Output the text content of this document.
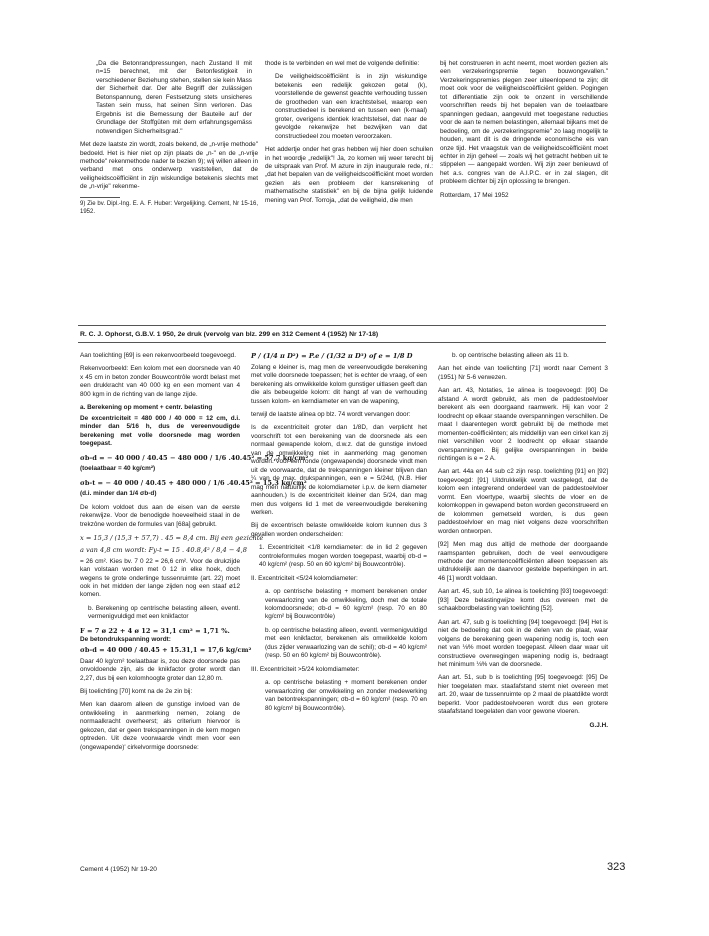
„Da die Betonrandpressungen, nach Zustand II mit n=15 berechnet, mit der Betonfestigkeit in verschiedener Beziehung stehen, stellen sie kein Mass der Sicherheit dar. Der alte Begriff der zulässigen Betonspannung, deren Festsetzung stets unsicheres Tasten sein muss, hat seinen Sinn verloren. Das Ergebnis ist die Bemessung der Bauteile auf der Grundlage der Stoffgüten mit dem erfahrungsgemäss notwendigen Sicherheitsgrad."

Met deze laatste zin wordt, zoals bekend, de „n-vrije methode" bedoeld. Het is hier niet op zijn plaats de „n-" en de „n-vrije methode" rekenmethode nader te bezien 9); wij willen alleen in verband met ons onderwerp vaststellen, dat de veiligheidscoëfficiënt in zijn wiskundige betekenis slechts met de „n-vrije" rekenme-

9) Zie bv. Dipl.-Ing. E. A. F. Huber: Vergelijking. Cement, Nr 15-16, 1952.

thode is te verbinden en wel met de volgende definitie:

De veiligheidscoëfficiënt is in zijn wiskundige betekenis een redelijk gekozen getal (k), voorstellende de gewenst geachte verhouding tussen de grootheden van een krachtstelsel, waarop een constructiedeel is berekend en tussen een (k-maal) groter, overigens identiek krachtstelsel, dat naar de gevolgde rekenwijze het bezwijken van dat constructiedeel zou moeten veroorzaken.

Het addertje onder het gras hebben wij hier doen schuilen in het woordje „redelijk"! Ja, zo komen wij weer terecht bij de uitspraak van Prof. M azure in zijn inaugurale rede, nl.: „dat het bepalen van de veiligheidscoëfficiënt moet worden gezien als een probleem der kansrekening of mathematische statistiek" en bij de bijna gelijk luidende mening van Prof. Torroja, „dat de veiligheid, die men

bij het construeren in acht neemt, moet worden gezien als een verzekeringspremie tegen bouwongevallen." Verzekeringspremies plegen zeer uiteenlopend te zijn; dit moet ook voor de veiligheidscoëfficiënt gelden. Pogingen tot differentiatie zijn ook te onzent in verschillende voorschriften reeds bij het bepalen van de toelaatbare spanningen gedaan, aangevuld met toegestane reducties voor de aan te nemen belastingen, allemaal bijkans met de bedoeling, om de „verzekeringspremie" zo laag mogelijk te houden, want dit is de dringende economische eis van onze tijd. Het vraagstuk van de veiligheidscoëfficiënt moet echter in zijn geheel — zoals wij het getracht hebben uit te stippelen — aangepakt worden. Wij zijn zeer benieuwd of het a.s. congres van de A.I.P.C. er in zal slagen, dit probleem dichter bij zijn oplossing te brengen.

Rotterdam, 17 Mei 1952

R. C. J. Ophorst, G.B.V. 1 950, 2e druk (vervolg van blz. 299 en 312 Cement 4 (1952) Nr 17-18)

Aan toelichting [69] is een rekenvoorbeeld toegevoegd.

Rekenvoorbeeld: Een kolom met een doorsnede van 40 x 45 cm in beton zonder Bouwcontrôle wordt belast met een drukkracht van 40 000 kg en een moment van 4 800 kgm in de richting van de lange zijde.

a. Berekening op moment + centr. belasting

De excentriciteit = 480 000 / 40 000 = 12 cm, d.i. minder dan 5/16 h, dus de vereenvoudigde berekening met volle doorsnede mag worden toegepast.

σb-d = − 40 000 / 40.45 − 480 000 / 1/6 .40.45² = 57,7 kg/cm²

(toelaatbaar = 40 kg/cm²)

σb-t = − 40 000 / 40.45 + 480 000 / 1/6 .40.45² = 15,3 kg/cm²

(d.i. minder dan 1/4 σb-d)

De kolom voldoet dus aan de eisen van de eerste rekenwijze. Voor de benodigde hoeveelheid staal in de trekzône worden de formules van [68a] gebruikt.

x = 15,3 / (15,3 + 57,7) . 45 = 8,4 cm. Bij een gezichte

a van 4,8 cm wordt: Fy-t = 15 . 40.8,4² / 8,4 − 4,8

= 26 cm². Kies bv. 7 0 22 = 26,6 cm². Voor de drukzijde kan volstaan worden met 0 12 in elke hoek, doch wegens te grote onderlinge tussenruimte (art. 22) moet ook in het midden der lange zijden nog een staaf ø12 komen.

b. Berekening op centrische belasting alleen, eventl. vermenigvuldigd met een knikfactor

F = 7 ø 22 + 4 ø 12 = 31,1 cm² = 1,71 %.

De betondrukspanning wordt:

σb-d = 40 000 / 40.45 + 15.31,1 = 17,6 kg/cm²

Daar 40 kg/cm² toelaatbaar is, zou deze doorsnede pas onvoldoende zijn, als de knikfactor groter wordt dan 2,27, dus bij een kolomhoogte groter dan 12,80 m.

Bij toelichting [70] komt na de 2e zin bij:

Men kan daarom alleen de gunstige invloed van de ontwikkeling in aanmerking nemen, zolang de normaalkracht overheerst; als criterium hiervoor is gekozen, dat er geen trekspanningen in de kern mogen optreden. Uit deze voorwaarde vindt men voor een (ongewapende)' cirkelvormige doorsnede:

P / (1/4 π D²) = P.e / (1/32 π D³) of e = 1/8 D

Zolang e kleiner is, mag men de vereenvoudigde berekening met volle doorsnede toepassen; het is echter de vraag, of een berekening als omwikkelde kolom gunstiger uitlasen geeft dan die als bebeugelde kolom: dit hangt af van de verhouding tussen kolom- en kerndiameter en van de wapening,

terwijl de laatste alinea op blz. 74 wordt vervangen door:

Is de excentriciteit groter dan 1/8D, dan verplicht het voorschrift tot een berekening van de doorsnede als een normaal gewapende kolom, d.w.z. dat de gunstige invloed van de omwikkeling niet in aanmerking mag genomen worden. Voor een ronde (ongewapende) doorsnede vindt men uit de voorwaarde, dat de trekspanningen kleiner blijven dan ¼ van de max. drukspanningen, een e = 5/24d, (N.B. Hier mag men natuurlijk de kolomdiameter i.p.v. de kern diameter aanhouden.) Is de excentriciteit kleiner dan 5/24, dan mag men dus volgens lid 1 met de vereenvoudigde berekening werken.

Bij de excentrisch belaste omwikkelde kolom kunnen dus 3 gevallen worden onderscheiden:

1. Excentriciteit <1/8 kerndiameter: de in lid 2 gegeven controleformules mogen worden toegepast, waarbij σb-d = 40 kg/cm² (resp. 50 en 60 kg/cm² bij Bouwcontrôle).

II. Excentriciteit <5/24 kolomdiameter:

a. op centrische belasting + moment berekenen onder verwaarlozing van de omwikkeling, doch met de totale kolomdoorsnede; σb-d = 60 kg/cm² (resp. 70 en 80 kg/cm² bij Bouwcontrôle)

b. op centrische belasting alleen, eventl. vermenigvuldigd met een knikfactor, berekenen als omwikkelde kolom (dus zijder verwaarlozing van de schil); σb-d = 40 kg/cm² (resp. 50 en 60 kg/cm² bij Bouwcontrôle).

III. Excentriciteit >5/24 kolomdiameter:

a. op centrische belasting + moment berekenen onder verwaarlozing der omwikkeling en zonder medewerking van betontrekspanningen; σb-d = 60 kg/cm² (resp. 70 en 80 kg/cm² bij Bouwcontrôle).

b. op centrische belasting alleen als 11 b.

Aan het einde van toelichting [71] wordt naar Cement 3 (1951) Nr 5-6 verwezen.

Aan art. 43, Notaties, 1e alinea is toegevoegd: [90] De afstand A wordt gebruikt, als men de paddestoelvloer berekent als een doorgaand raamwerk. Hij kan voor 2 loodrecht op elkaar staande overspanningen verschillen. De maat l daarentegen wordt gebruikt bij de methode met momenten-coëfficiënten; als middellijn van een cirkel kan zij niet verschillen voor 2 loodrecht op elkaar staande overspanningen. Bij gelijke overspanningen in beide richtingen is e = 2 A.

Aan art. 44a en 44 sub c2 zijn resp. toelichting [91] en [92] toegevoegd: [91] Uitdrukkelijk wordt vastgelegd, dat de kolom een integrerend onderdeel van de paddestoelvloer vormt. Een vloertype, waarbij slechts de vloer en de kolomkoppen in gewapend beton worden geconstrueerd en de kolommen gemetseld worden, is dus geen paddestoelvloer en mag niet volgens deze voorschriften worden ontworpen.

[92] Men mag dus altijd de methode der doorgaande raamspanten gebruiken, doch de veel eenvoudigere methode der momentencoëfficiënten alleen toepassen als uitdrukkelijk aan de daarvoor gestelde beperkingen in art. 46 [1] wordt voldaan.

Aan art. 45, sub 10, 1e alinea is toelichting [93] toegevoegd: [93] Deze belastingwijze komt dus overeen met de schaakbordbelasting van toelichting [52].

Aan art. 47, sub g is toelichting [94] toegevoegd: [94] Het is niet de bedoeling dat ook in de delen van de plaat, waar volgens de berekening geen wapening nodig is, toch een net van ⅛% moet worden toegepast. Alleen daar waar uit constructieve overwegingen wapening nodig is, bedraagt het minimum ⅛% van de doorsnede.

Aan art. 51, sub b is toelichting [95] toegevoegd: [95] De hier toegelaten max. staafafstand stemt niet overeen met art. 20, waar de tussenruimte op 2 maal de plaatdikte wordt beperkt. Voor paddestoelvoeren wordt dus een grotere staafafstand toegelaten dan voor gewone vloeren.

G.J.H.

Cement 4 (1952) Nr 19-20	323
